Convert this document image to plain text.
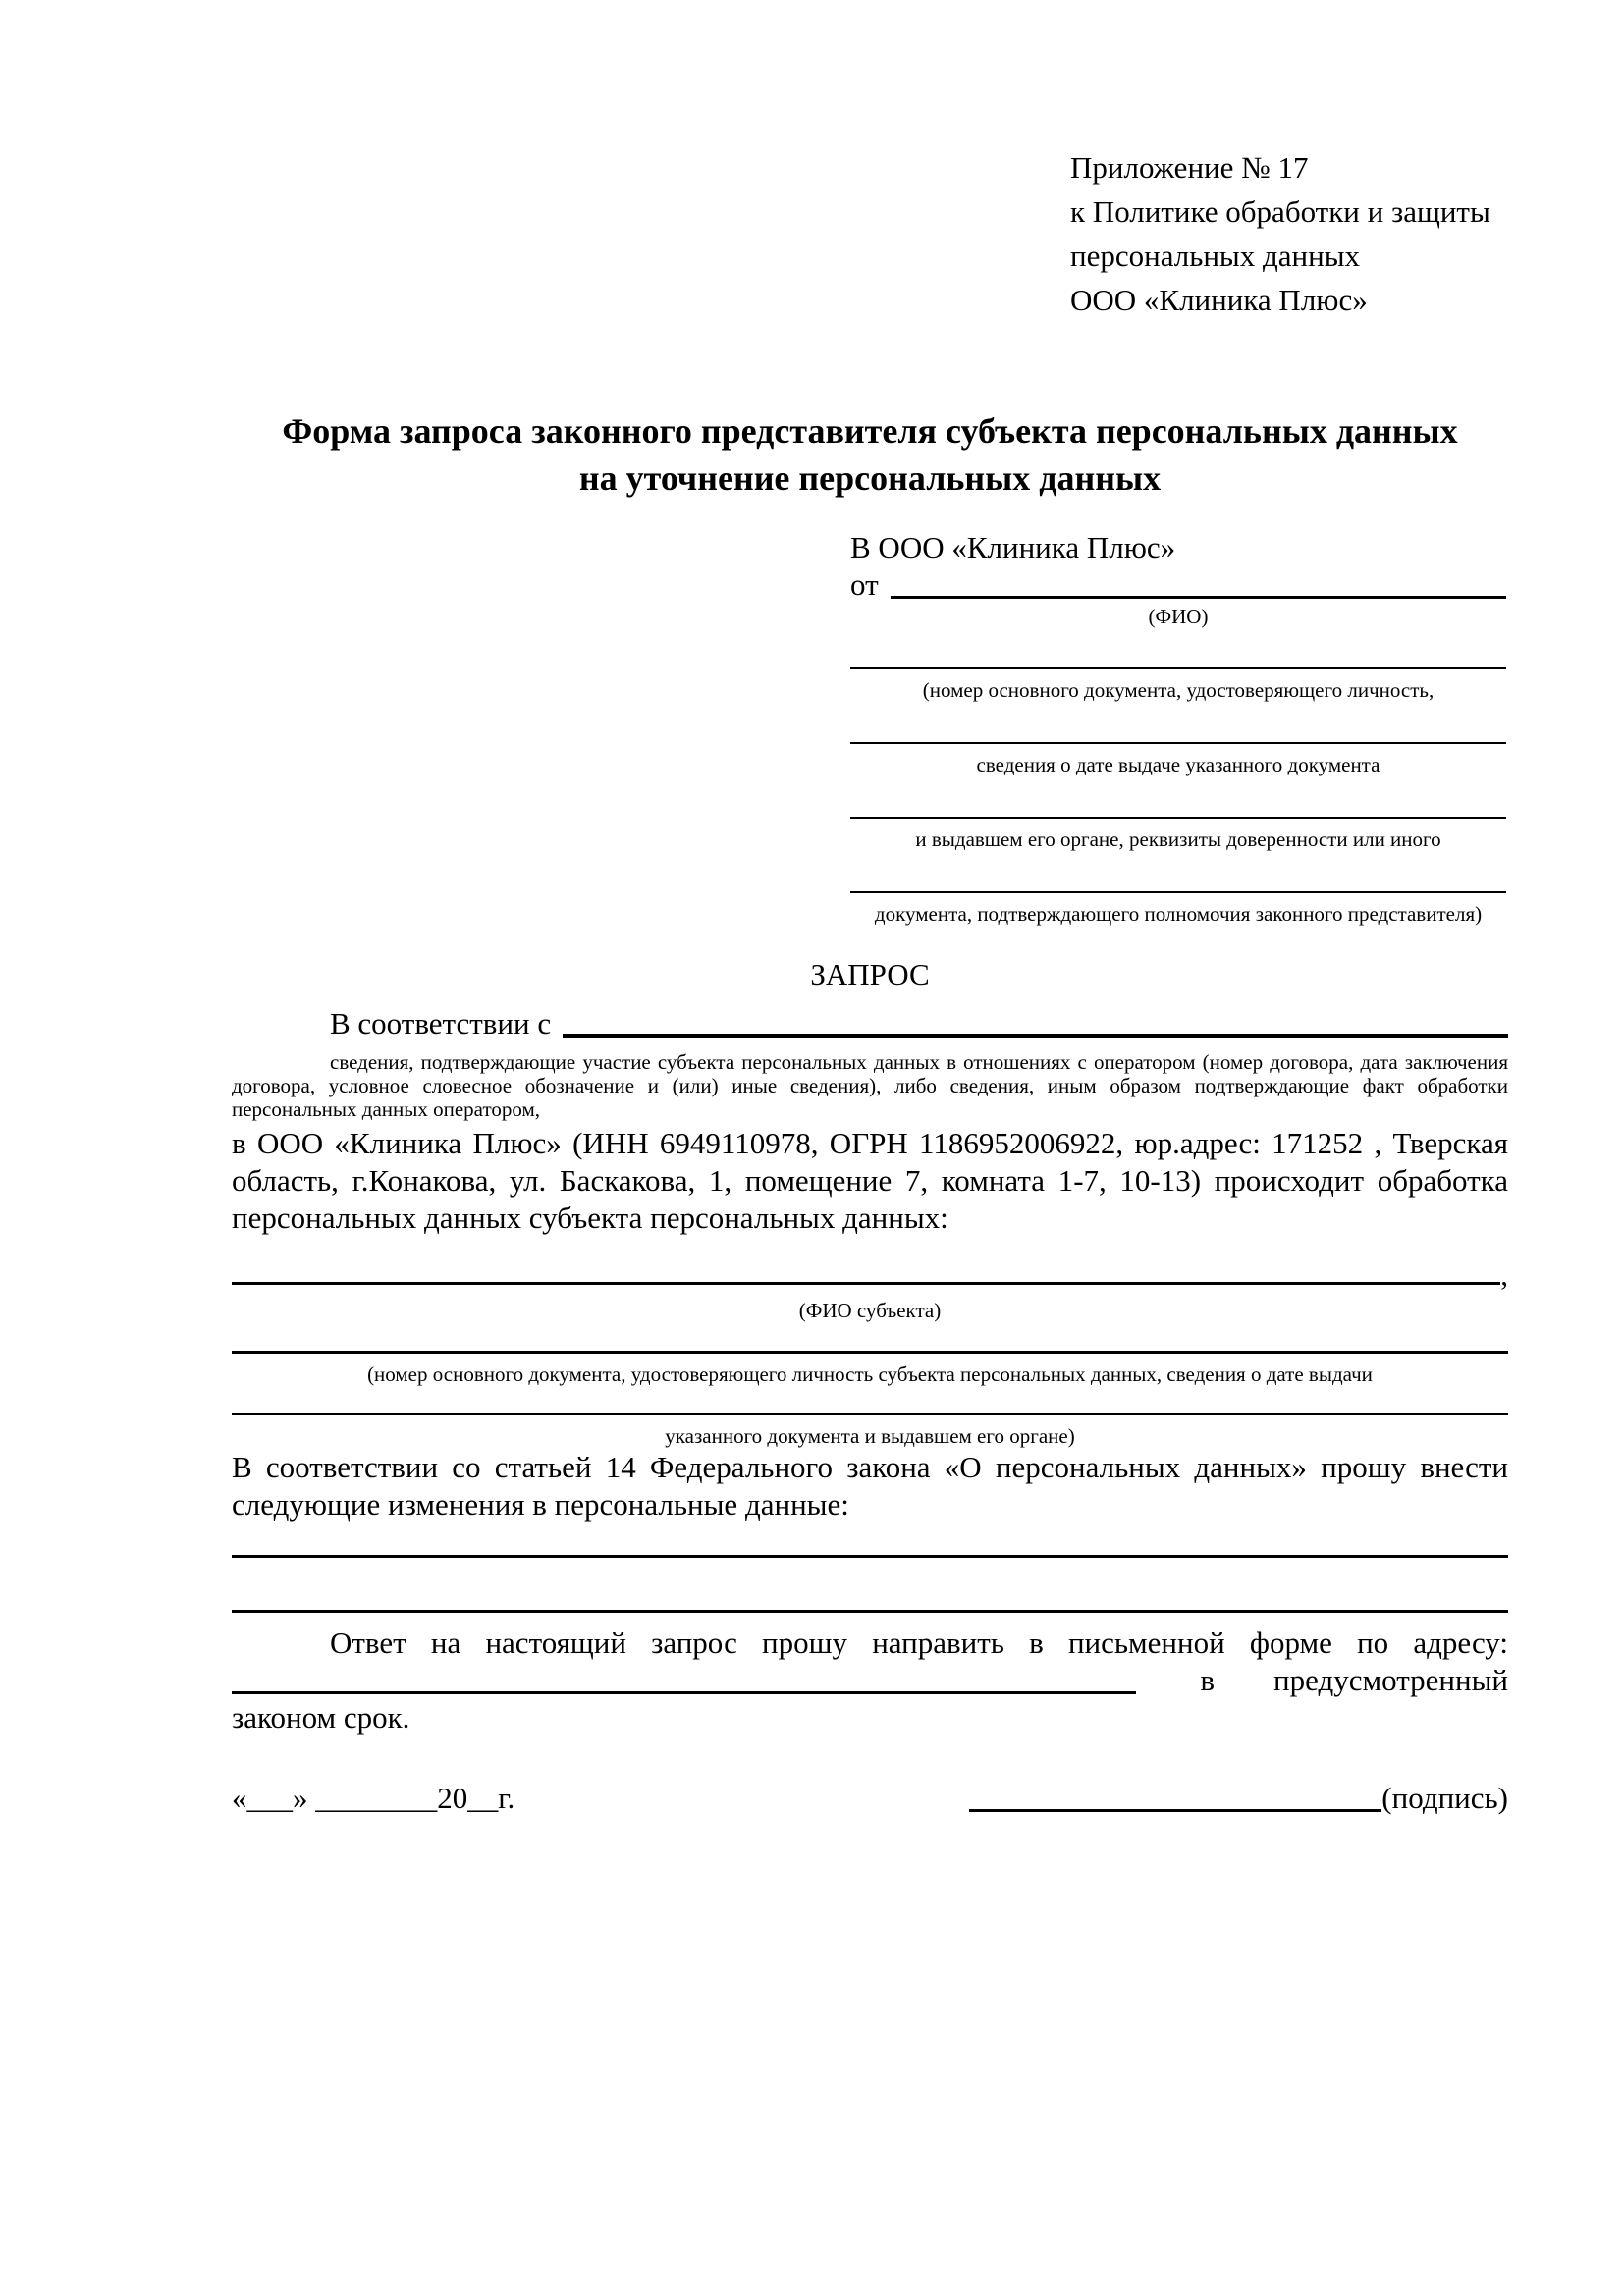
Приложение № 17
к Политике обработки и защиты
персональных данных
ООО «Клиника Плюс»
Форма запроса законного представителя субъекта персональных данных
на уточнение персональных данных
В ООО «Клиника Плюс»
от
(ФИО)
(номер основного документа, удостоверяющего личность,
сведения о дате выдаче указанного документа
и выдавшем его органе, реквизиты доверенности или иного
документа, подтверждающего полномочия законного представителя)
ЗАПРОС
В соответствии с
сведения, подтверждающие участие субъекта персональных данных в отношениях с оператором (номер договора, дата заключения договора, условное словесное обозначение и (или) иные сведения), либо сведения, иным образом подтверждающие факт обработки персональных данных оператором,
в ООО «Клиника Плюс» (ИНН 6949110978, ОГРН 1186952006922, юр.адрес: 171252 , Тверская область, г.Конакова, ул. Баскакова, 1, помещение 7, комната 1-7, 10-13) происходит обработка персональных данных субъекта персональных данных:
,
(ФИО субъекта)
(номер основного документа, удостоверяющего личность субъекта персональных данных, сведения о дате выдачи
указанного документа и выдавшем его органе)
В соответствии со статьей 14 Федерального закона «О персональных данных» прошу внести следующие изменения в персональные данные:
Ответ на настоящий запрос прошу направить в письменной форме по адресу:
в предусмотренный
законом срок.
«___» ________20__г.	(подпись)
